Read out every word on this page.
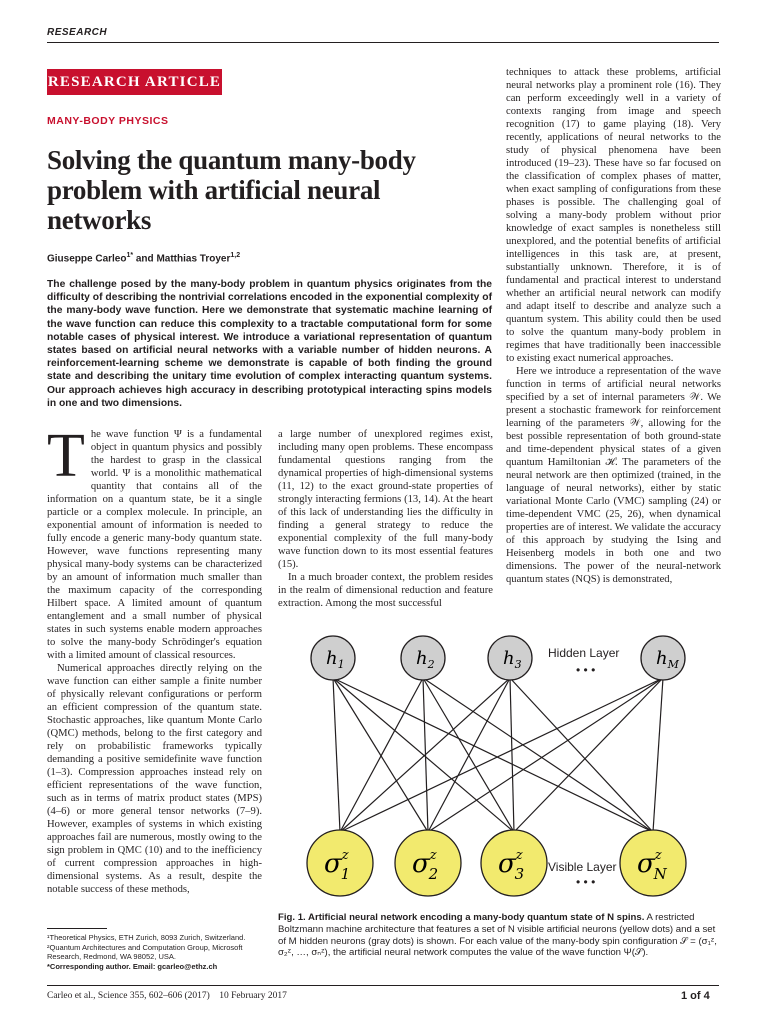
RESEARCH
RESEARCH ARTICLE
MANY-BODY PHYSICS
Solving the quantum many-body problem with artificial neural networks
Giuseppe Carleo$^{1*}$ and Matthias Troyer$^{1,2}$

The challenge posed by the many-body problem in quantum physics originates from the difficulty of describing the nontrivial correlations encoded in the exponential complexity of the many-body wave function. Here we demonstrate that systematic machine learning of the wave function can reduce this complexity to a tractable computational form for some notable cases of physical interest. We introduce a variational representation of quantum states based on artificial neural networks with a variable number of hidden neurons. A reinforcement-learning scheme we demonstrate is capable of both finding the ground state and describing the unitary time evolution of complex interacting quantum systems. Our approach achieves high accuracy in describing prototypical interacting spins models in one and two dimensions.

The wave function Ψ is a fundamental object in quantum physics and possibly the hardest to grasp in the classical world. Ψ is a monolithic mathematical quantity that contains all of the information on a quantum state, be it a single particle or a complex molecule. In principle, an exponential amount of information is needed to fully encode a generic many-body quantum state. However, wave functions representing many physical many-body systems can be characterized by an amount of information much smaller than the maximum capacity of the corresponding Hilbert space. A limited amount of quantum entanglement and a small number of physical states in such systems enable modern approaches to solve the many-body Schrödinger's equation with a limited amount of classical resources.

Numerical approaches directly relying on the wave function can either sample a finite number of physically relevant configurations or perform an efficient compression of the quantum state. Stochastic approaches, like quantum Monte Carlo (QMC) methods, belong to the first category and rely on probabilistic frameworks typically demanding a positive semidefinite wave function (1–3). Compression approaches instead rely on efficient representations of the wave function, such as in terms of matrix product states (MPS) (4–6) or more general tensor networks (7–9). However, examples of systems in which existing approaches fail are numerous, mostly owing to the sign problem in QMC (10) and to the inefficiency of current compression approaches in high-dimensional systems. As a result, despite the notable success of these methods,

a large number of unexplored regimes exist, including many open problems. These encompass fundamental questions ranging from the dynamical properties of high-dimensional systems (11, 12) to the exact ground-state properties of strongly interacting fermions (13, 14). At the heart of this lack of understanding lies the difficulty in finding a general strategy to reduce the exponential complexity of the full many-body wave function down to its most essential features (15).

In a much broader context, the problem resides in the realm of dimensional reduction and feature extraction. Among the most successful

techniques to attack these problems, artificial neural networks play a prominent role (16). They can perform exceedingly well in a variety of contexts ranging from image and speech recognition (17) to game playing (18). Very recently, applications of neural networks to the study of physical phenomena have been introduced (19–23). These have so far focused on the classification of complex phases of matter, when exact sampling of configurations from these phases is possible. The challenging goal of solving a many-body problem without prior knowledge of exact samples is nonetheless still unexplored, and the potential benefits of artificial intelligences in this task are, at present, substantially unknown. Therefore, it is of fundamental and practical interest to understand whether an artificial neural network can modify and adapt itself to describe and analyze such a quantum system. This ability could then be used to solve the quantum many-body problem in regimes that have traditionally been inaccessible to existing exact numerical approaches.

Here we introduce a representation of the wave function in terms of artificial neural networks specified by a set of internal parameters 𝒲. We present a stochastic framework for reinforcement learning of the parameters 𝒲, allowing for the best possible representation of both ground-state and time-dependent physical states of a given quantum Hamiltonian ℋ. The parameters of the neural network are then optimized (trained, in the language of neural networks), either by static variational Monte Carlo (VMC) sampling (24) or time-dependent VMC (25, 26), when dynamical properties are of interest. We validate the accuracy of this approach by studying the Ising and Heisenberg models in both one and two dimensions. The power of the neural-network quantum states (NQS) is demonstrated,

¹Theoretical Physics, ETH Zurich, 8093 Zurich, Switzerland.
²Quantum Architectures and Computation Group, Microsoft Research, Redmond, WA 98052, USA.
*Corresponding author. Email: gcarleo@ethz.ch
Carleo et al., Science 355, 602–606 (2017)    10 February 2017	1 of 4
$h_1$	$h_2$	$h_3$	$h_M$
$\sigma^z$ 1 $\sigma^z$ 2 $\sigma^z$ 3	$\sigma^z$ N
Hidden Layer
• • •
Visible Layer
• • •
Fig. 1. Artificial neural network encoding a many-body quantum state of N spins. A restricted Boltzmann machine architecture that features a set of N visible artificial neurons (yellow dots) and a set of M hidden neurons (gray dots) is shown. For each value of the many-body spin configuration 𝒮 = (σ₁ᶻ, σ₂ᶻ, …, σₙᶻ), the artificial neural network computes the value of the wave function Ψ(𝒮).
